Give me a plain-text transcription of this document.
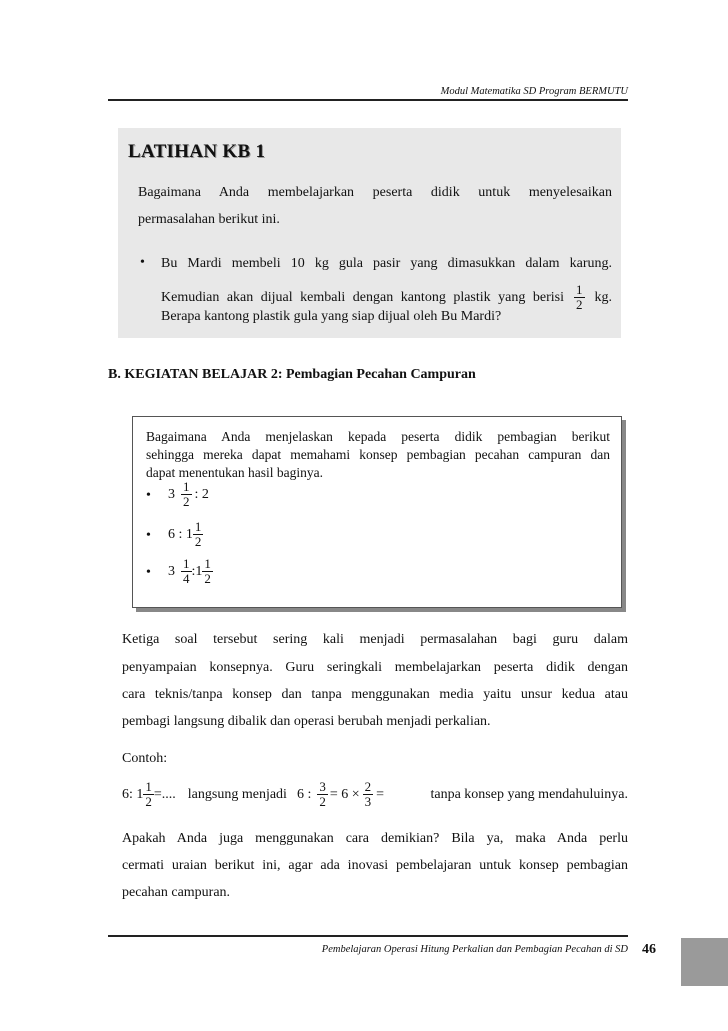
Modul Matematika SD Program BERMUTU
LATIHAN KB 1
Bagaimana Anda membelajarkan peserta didik untuk menyelesaikan
permasalahan berikut ini.
• Bu Mardi membeli 10 kg gula pasir yang dimasukkan dalam karung.
Kemudian akan dijual kembali dengan kantong plastik yang berisi $\frac{1}{2}$ kg.
Berapa kantong plastik gula yang siap dijual oleh Bu Mardi?
B. KEGIATAN BELAJAR 2: Pembagian Pecahan Campuran
Bagaimana Anda menjelaskan kepada peserta didik pembagian berikut
sehingga mereka dapat memahami konsep pembagian pecahan campuran dan
dapat menentukan hasil baginya.
• $3 \frac{1}{2}$ : 2
• 6 : $1 \frac{1}{2}$
• $3 \frac{1}{4}$ :1 $\frac{1}{2}$
Ketiga soal tersebut sering kali menjadi permasalahan bagi guru dalam
penyampaian konsepnya. Guru seringkali membelajarkan peserta didik dengan
cara teknis/tanpa konsep dan tanpa menggunakan media yaitu unsur kedua atau
pembagi langsung dibalik dan operasi berubah menjadi perkalian.
Contoh:
6: $1 \frac{1}{2}$ =.... langsung menjadi 6 : $\frac{3}{2} = 6 \times \frac{2}{3}$ =	tanpa konsep yang mendahuluinya.
Apakah Anda juga menggunakan cara demikian? Bila ya, maka Anda perlu
cermati uraian berikut ini, agar ada inovasi pembelajaran untuk konsep pembagian
pecahan campuran.
Pembelajaran Operasi Hitung Perkalian dan Pembagian Pecahan di SD 46
